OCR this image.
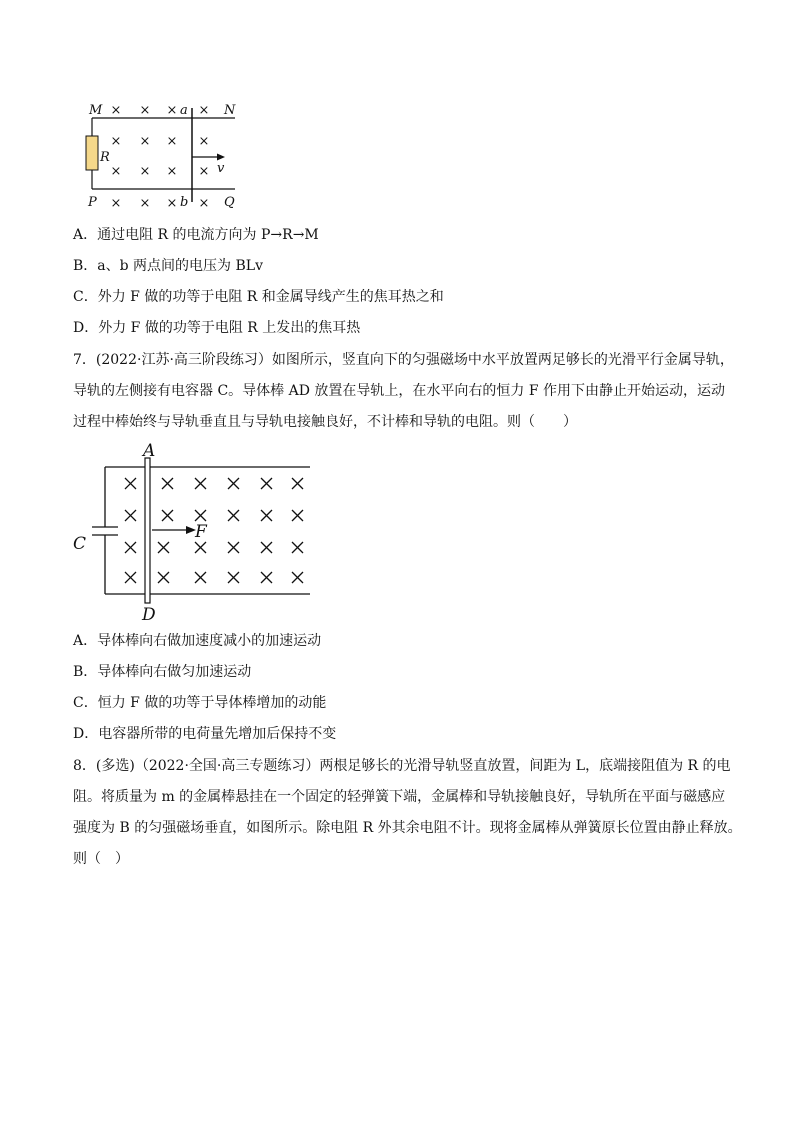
× × × ×
× × × ×
× × × ×
× × × ×
M	a	N
R
v
P	b	Q
A．通过电阻 R 的电流方向为 P→R→M
B．a、b 两点间的电压为 BLv
C．外力 F 做的功等于电阻 R 和金属导线产生的焦耳热之和
D．外力 F 做的功等于电阻 R 上发出的焦耳热
7．(2022·江苏·高三阶段练习）如图所示，竖直向下的匀强磁场中水平放置两足够长的光滑平行金属导轨，
导轨的左侧接有电容器 C。导体棒 AD 放置在导轨上，在水平向右的恒力 F 作用下由静止开始运动，运动
过程中棒始终与导轨垂直且与导轨电接触良好，不计棒和导轨的电阻。则（　　）
A
D
C
F
A．导体棒向右做加速度减小的加速运动
B．导体棒向右做匀加速运动
C．恒力 F 做的功等于导体棒增加的动能
D．电容器所带的电荷量先增加后保持不变
8．(多选)（2022·全国·高三专题练习）两根足够长的光滑导轨竖直放置，间距为 L，底端接阻值为 R 的电
阻。将质量为 m 的金属棒悬挂在一个固定的轻弹簧下端，金属棒和导轨接触良好，导轨所在平面与磁感应
强度为 B 的匀强磁场垂直，如图所示。除电阻 R 外其余电阻不计。现将金属棒从弹簧原长位置由静止释放。
则（　）
